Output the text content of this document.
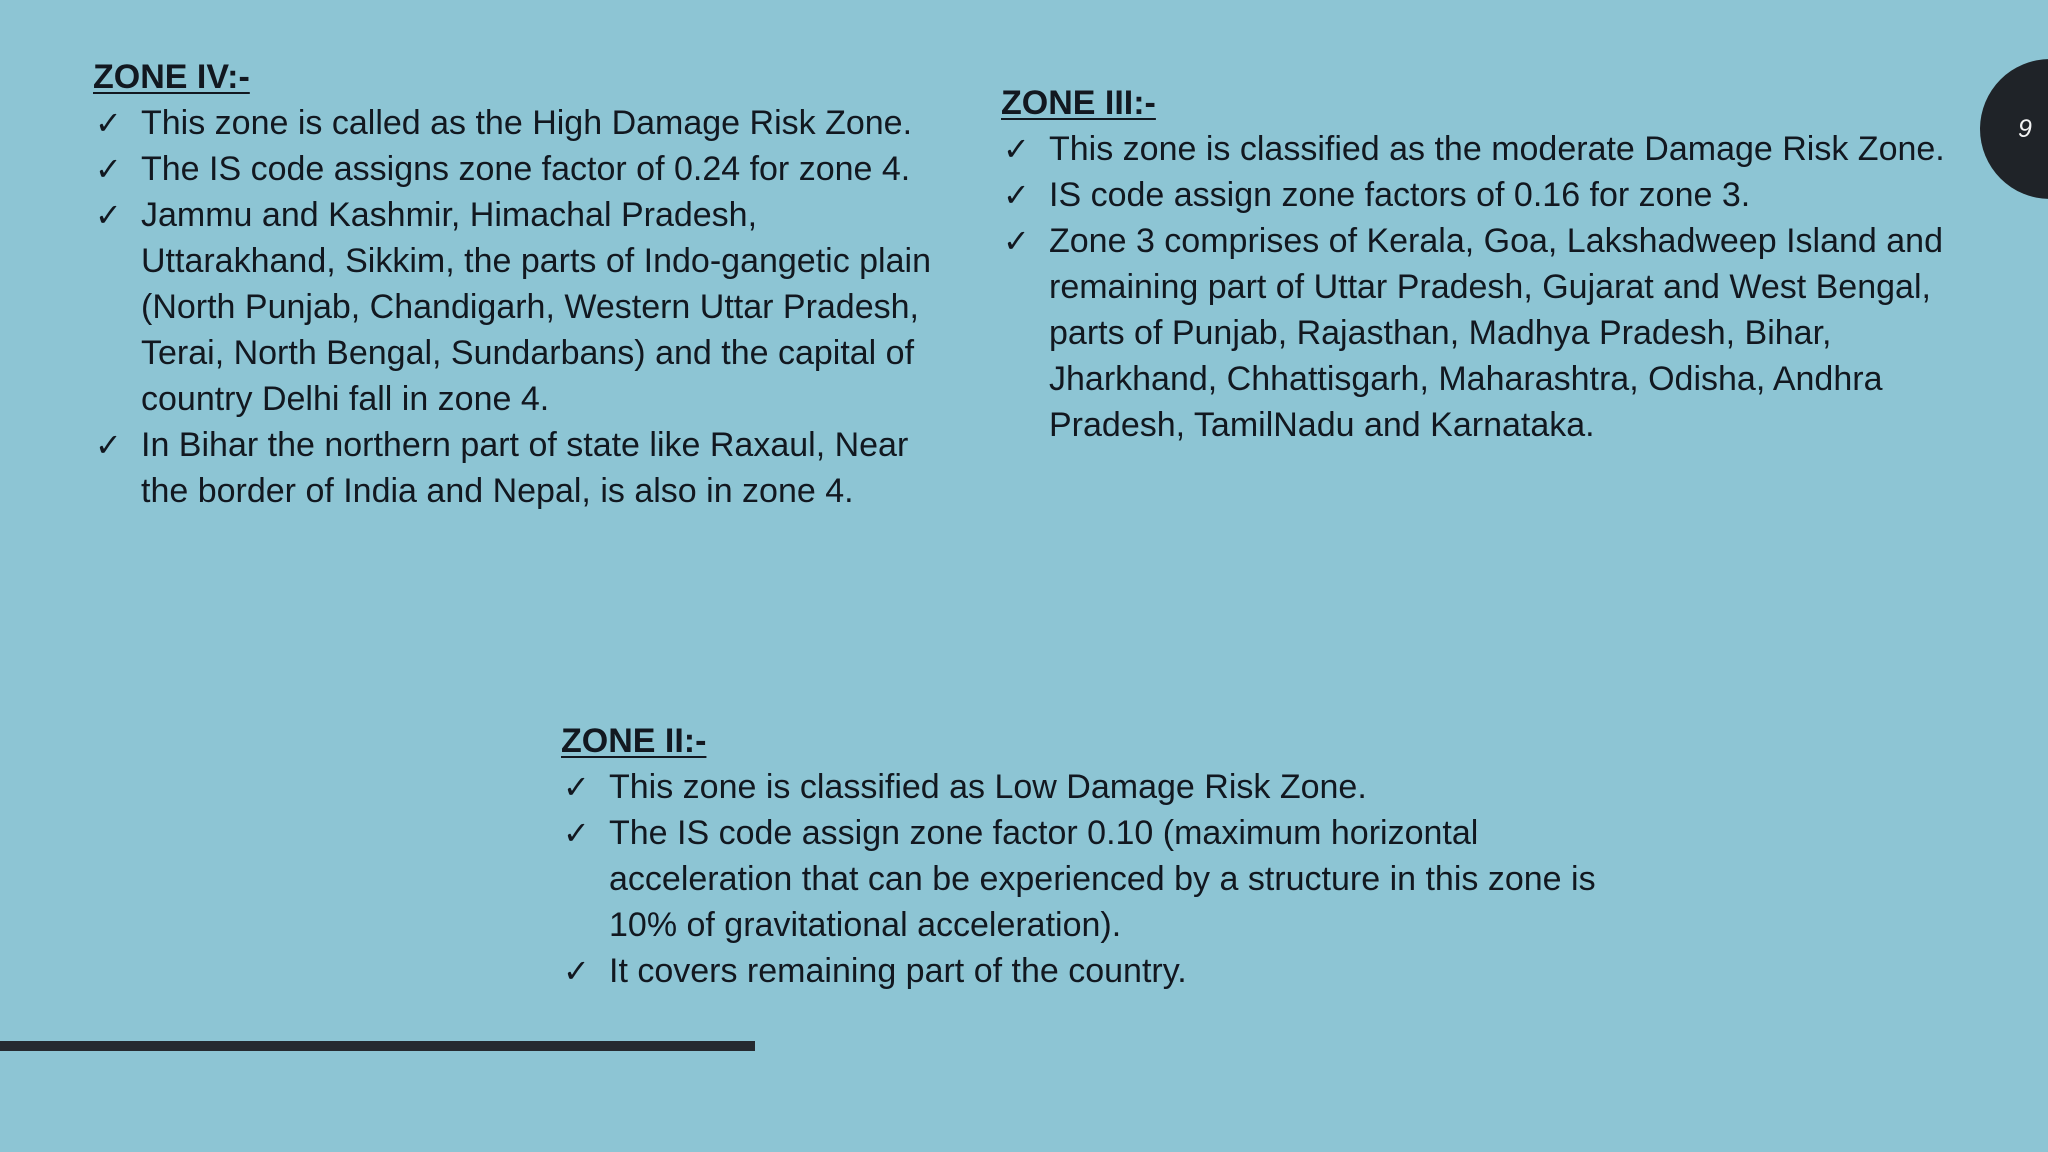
ZONE IV:-
✓ This zone is called as the High Damage Risk Zone.
✓ The IS code assigns zone factor of 0.24 for zone 4.
✓ Jammu and Kashmir, Himachal Pradesh, Uttarakhand, Sikkim, the parts of Indo-gangetic plain (North Punjab, Chandigarh, Western Uttar Pradesh, Terai, North Bengal, Sundarbans) and the capital of country Delhi fall in zone 4.
✓ In Bihar the northern part of state like Raxaul, Near the border of India and Nepal, is also in zone 4.
ZONE III:-
✓ This zone is classified as the moderate Damage Risk Zone.
✓ IS code assign zone factors of 0.16 for zone 3.
✓ Zone 3 comprises of Kerala, Goa, Lakshadweep Island and remaining part of Uttar Pradesh, Gujarat and West Bengal, parts of Punjab, Rajasthan, Madhya Pradesh, Bihar, Jharkhand, Chhattisgarh, Maharashtra, Odisha, Andhra Pradesh, TamilNadu and Karnataka.
ZONE II:-
✓ This zone is classified as Low Damage Risk Zone.
✓ The IS code assign zone factor 0.10 (maximum horizontal acceleration that can be experienced by a structure in this zone is 10% of gravitational acceleration).
✓ It covers remaining part of the country.
9
